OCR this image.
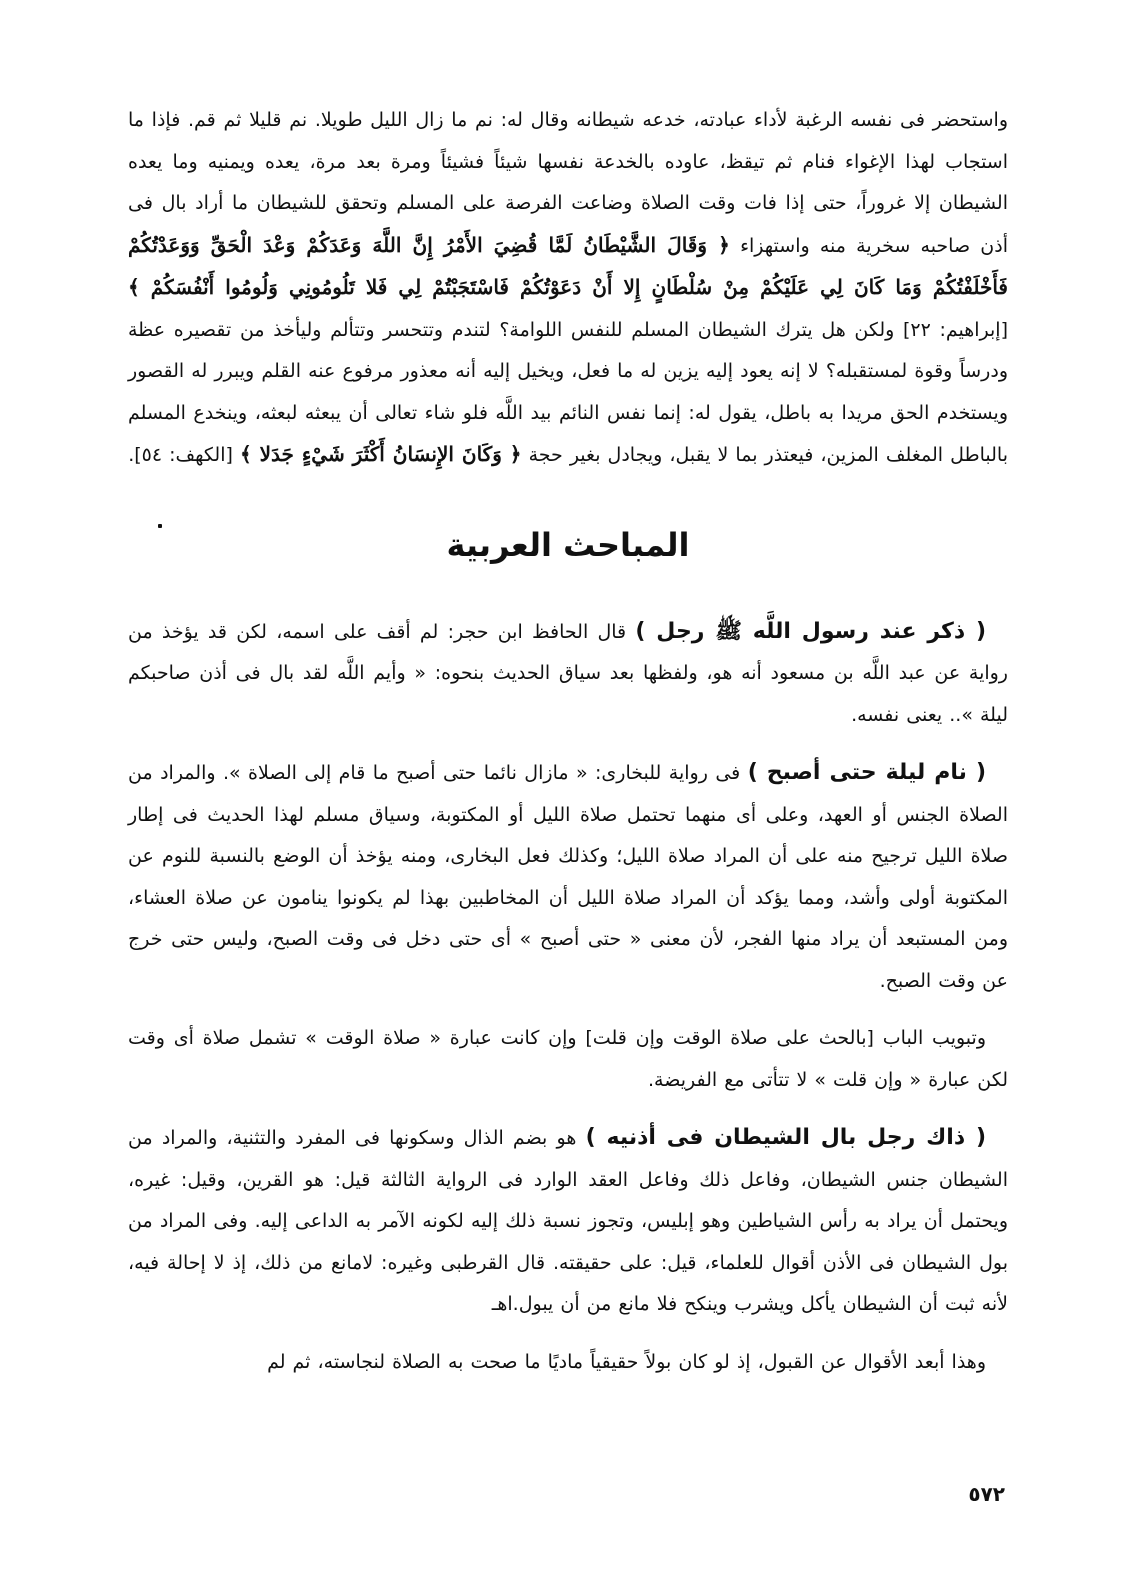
واستحضر فى نفسه الرغبة لأداء عبادته، خدعه شيطانه وقال له: نم ما زال الليل طويلا. نم قليلا ثم قم. فإذا ما استجاب لهذا الإغواء فنام ثم تيقظ، عاوده بالخدعة نفسها شيئاً فشيئاً ومرة بعد مرة، يعده ويمنيه وما يعده الشيطان إلا غروراً، حتى إذا فات وقت الصلاة وضاعت الفرصة على المسلم وتحقق للشيطان ما أراد بال فى أذن صاحبه سخرية منه واستهزاء ﴿ وَقَالَ الشَّيْطَانُ لَمَّا قُضِيَ الأَمْرُ إِنَّ اللَّهَ وَعَدَكُمْ وَعْدَ الْحَقِّ وَوَعَدْتُكُمْ فَأَخْلَفْتُكُمْ وَمَا كَانَ لِي عَلَيْكُمْ مِنْ سُلْطَانٍ إِلا أَنْ دَعَوْتُكُمْ فَاسْتَجَبْتُمْ لِي فَلا تَلُومُونِي وَلُومُوا أَنْفُسَكُمْ ﴾ [إبراهيم: ٢٢] ولكن هل يترك الشيطان المسلم للنفس اللوامة؟ لتندم وتتحسر وتتألم وليأخذ من تقصيره عظة ودرساً وقوة لمستقبله؟ لا إنه يعود إليه يزين له ما فعل، ويخيل إليه أنه معذور مرفوع عنه القلم ويبرر له القصور ويستخدم الحق مريدا به باطل، يقول له: إنما نفس النائم بيد اللَّه فلو شاء تعالى أن يبعثه لبعثه، وينخدع المسلم بالباطل المغلف المزين، فيعتذر بما لا يقبل، ويجادل بغير حجة ﴿ وَكَانَ الإِنسَانُ أَكْثَرَ شَيْءٍ جَدَلا ﴾ [الكهف: ٥٤].

المباحث العربية

( ذكر عند رسول اللَّه ﷺ رجل ) قال الحافظ ابن حجر: لم أقف على اسمه، لكن قد يؤخذ من رواية عن عبد اللَّه بن مسعود أنه هو، ولفظها بعد سياق الحديث بنحوه: « وأيم اللَّه لقد بال فى أذن صاحبكم ليلة ».. يعنى نفسه.

( نام ليلة حتى أصبح ) فى رواية للبخارى: « مازال نائما حتى أصبح ما قام إلى الصلاة ». والمراد من الصلاة الجنس أو العهد، وعلى أى منهما تحتمل صلاة الليل أو المكتوبة، وسياق مسلم لهذا الحديث فى إطار صلاة الليل ترجيح منه على أن المراد صلاة الليل؛ وكذلك فعل البخارى، ومنه يؤخذ أن الوضع بالنسبة للنوم عن المكتوبة أولى وأشد، ومما يؤكد أن المراد صلاة الليل أن المخاطبين بهذا لم يكونوا ينامون عن صلاة العشاء، ومن المستبعد أن يراد منها الفجر، لأن معنى « حتى أصبح » أى حتى دخل فى وقت الصبح، وليس حتى خرج عن وقت الصبح.

وتبويب الباب [بالحث على صلاة الوقت وإن قلت] وإن كانت عبارة « صلاة الوقت » تشمل صلاة أى وقت لكن عبارة « وإن قلت » لا تتأتى مع الفريضة.

( ذاك رجل بال الشيطان فى أذنيه ) هو بضم الذال وسكونها فى المفرد والتثنية، والمراد من الشيطان جنس الشيطان، وفاعل ذلك وفاعل العقد الوارد فى الرواية الثالثة قيل: هو القرين، وقيل: غيره، ويحتمل أن يراد به رأس الشياطين وهو إبليس، وتجوز نسبة ذلك إليه لكونه الآمر به الداعى إليه. وفى المراد من بول الشيطان فى الأذن أقوال للعلماء، قيل: على حقيقته. قال القرطبى وغيره: لامانع من ذلك، إذ لا إحالة فيه، لأنه ثبت أن الشيطان يأكل ويشرب وينكح فلا مانع من أن يبول.اهـ

وهذا أبعد الأقوال عن القبول، إذ لو كان بولاً حقيقياً ماديًا ما صحت به الصلاة لنجاسته، ثم لم

٥٧٢
